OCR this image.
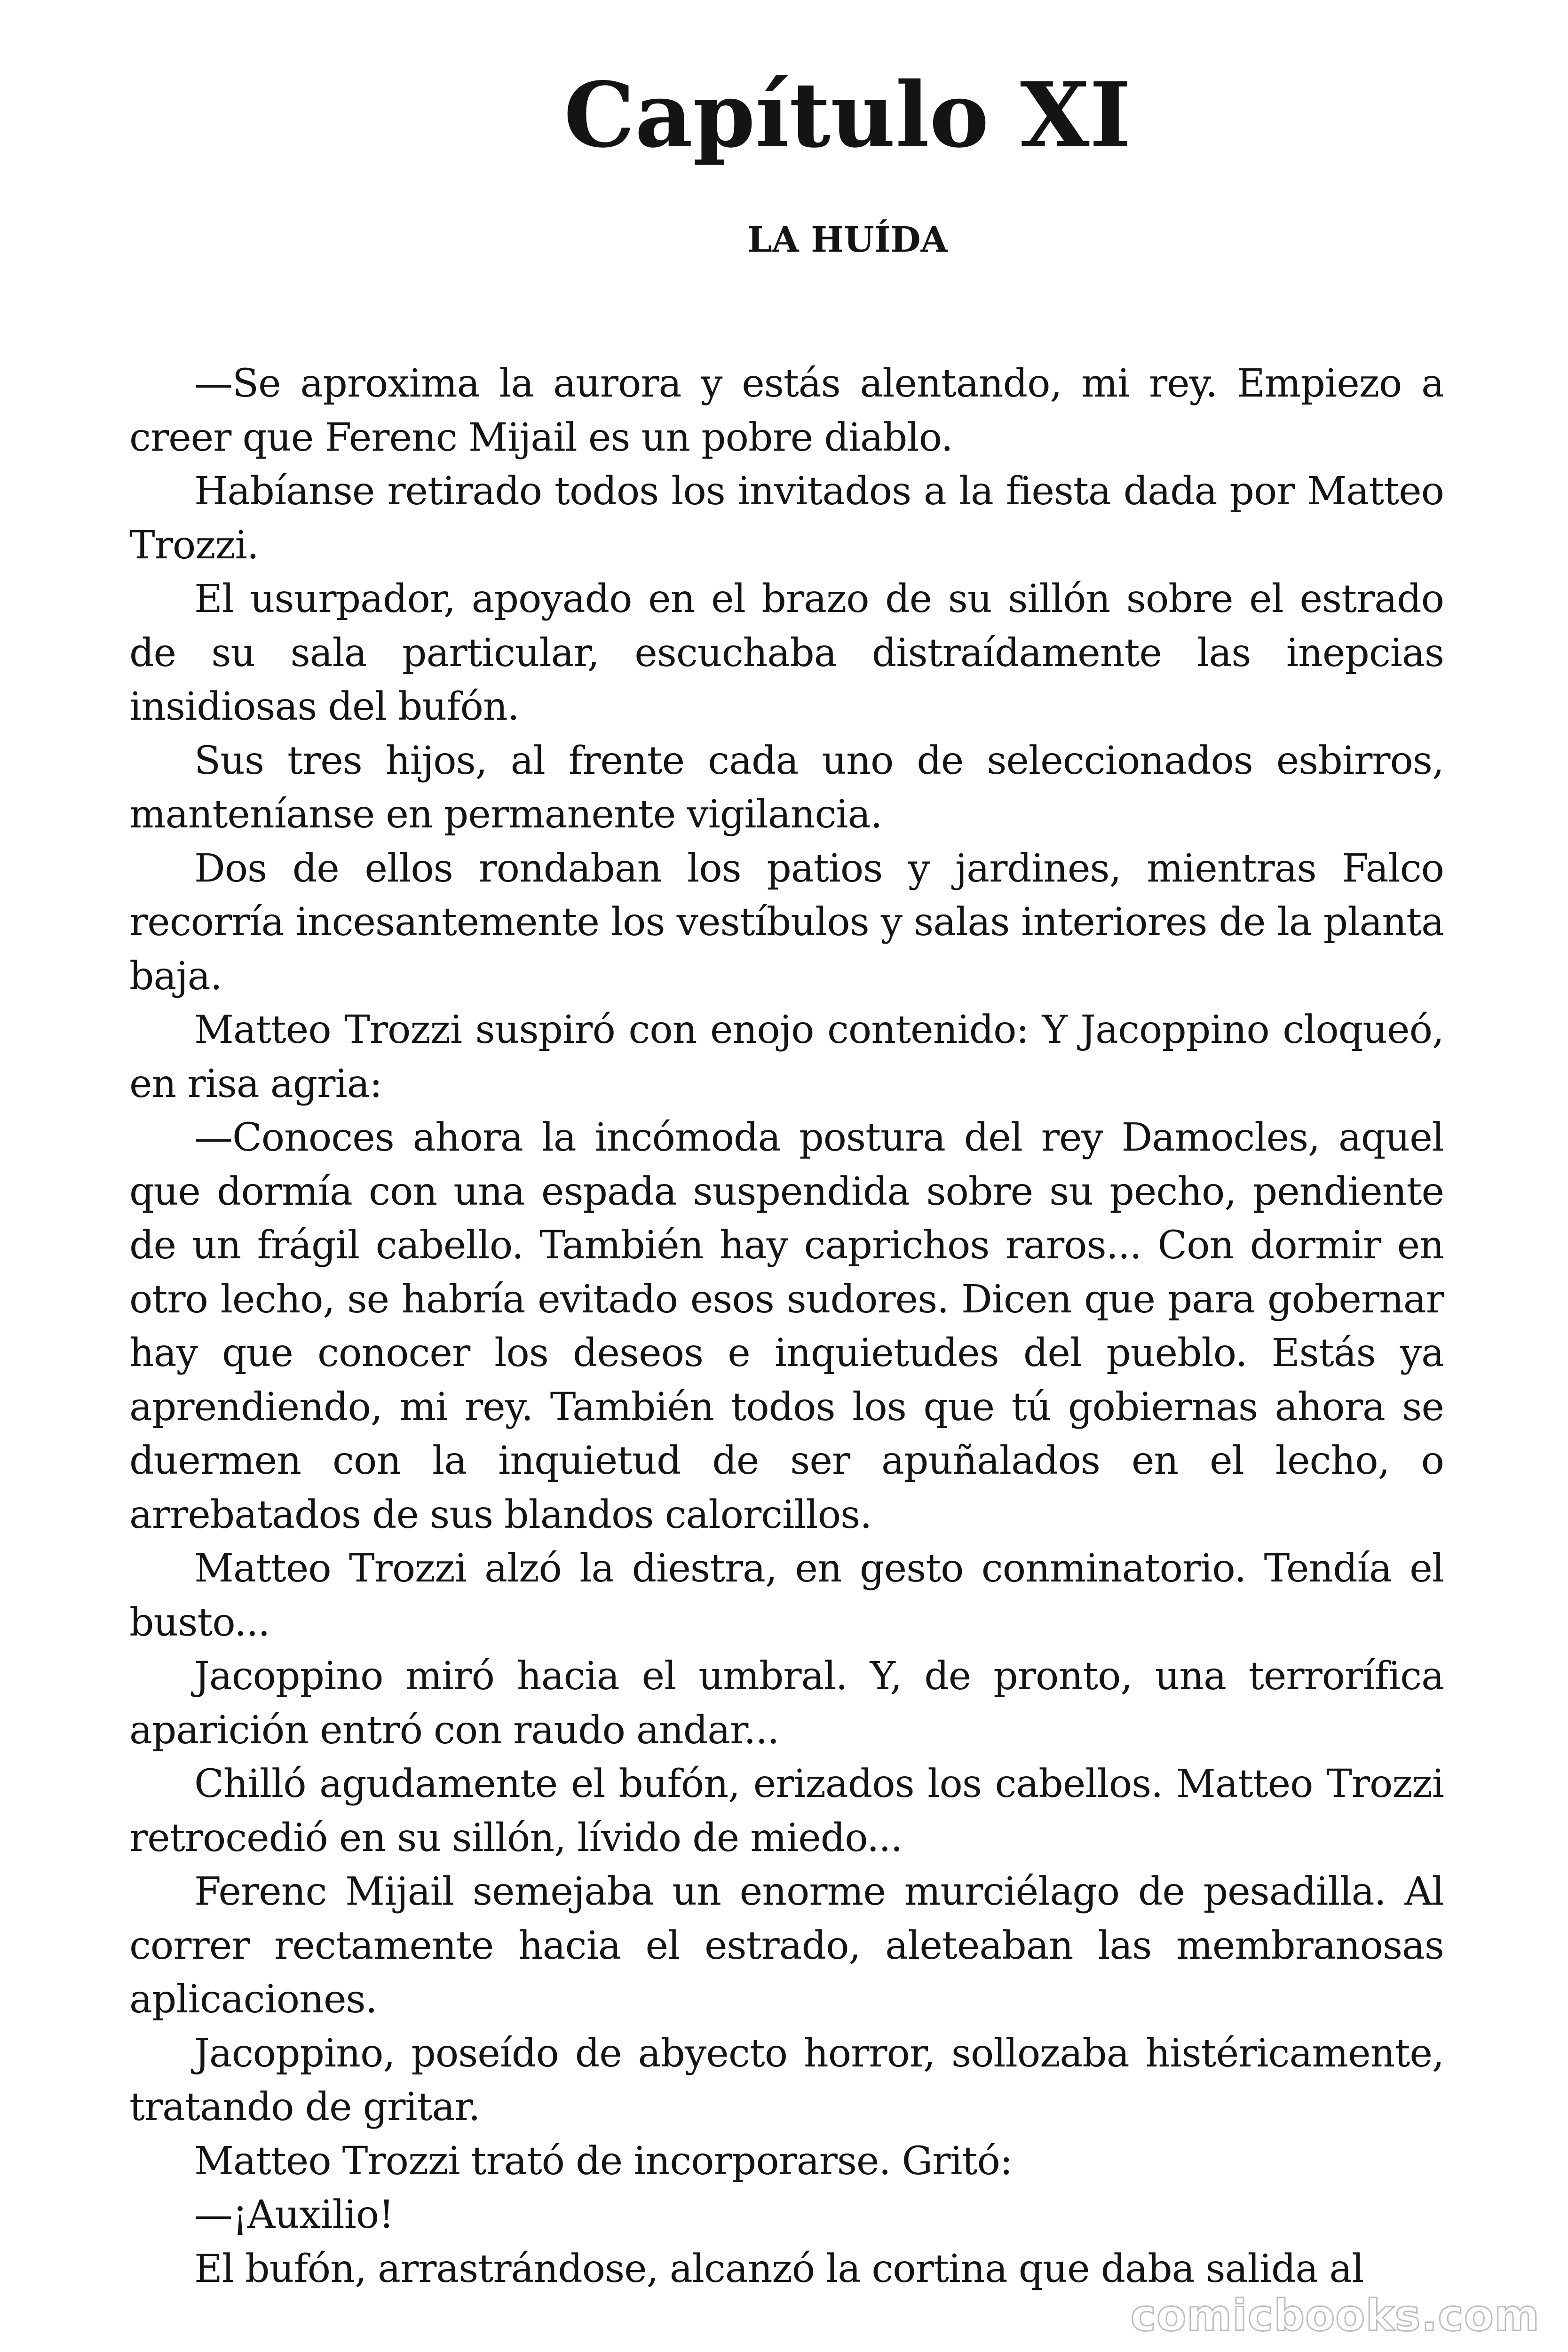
Capítulo XI
LA HUÍDA

—Se aproxima la aurora y estás alentando, mi rey. Empiezo a creer que Ferenc Mijail es un pobre diablo.

Habíanse retirado todos los invitados a la fiesta dada por Matteo Trozzi.

El usurpador, apoyado en el brazo de su sillón sobre el estrado de su sala particular, escuchaba distraídamente las inepcias insidiosas del bufón.

Sus tres hijos, al frente cada uno de seleccionados esbirros, manteníanse en permanente vigilancia.

Dos de ellos rondaban los patios y jardines, mientras Falco recorría incesantemente los vestíbulos y salas interiores de la planta baja.

Matteo Trozzi suspiró con enojo contenido: Y Jacoppino cloqueó, en risa agria:

—Conoces ahora la incómoda postura del rey Damocles, aquel que dormía con una espada suspendida sobre su pecho, pendiente de un frágil cabello. También hay caprichos raros... Con dormir en otro lecho, se habría evitado esos sudores. Dicen que para gobernar hay que conocer los deseos e inquietudes del pueblo. Estás ya aprendiendo, mi rey. También todos los que tú gobiernas ahora se duermen con la inquietud de ser apuñalados en el lecho, o arrebatados de sus blandos calorcillos.

Matteo Trozzi alzó la diestra, en gesto conminatorio. Tendía el busto...

Jacoppino miró hacia el umbral. Y, de pronto, una terrorífica aparición entró con raudo andar...

Chilló agudamente el bufón, erizados los cabellos. Matteo Trozzi retrocedió en su sillón, lívido de miedo...

Ferenc Mijail semejaba un enorme murciélago de pesadilla. Al correr rectamente hacia el estrado, aleteaban las membranosas aplicaciones.

Jacoppino, poseído de abyecto horror, sollozaba histéricamente, tratando de gritar.

Matteo Trozzi trató de incorporarse. Gritó:

—¡Auxilio!

El bufón, arrastrándose, alcanzó la cortina que daba salida al

comicbooks.com
